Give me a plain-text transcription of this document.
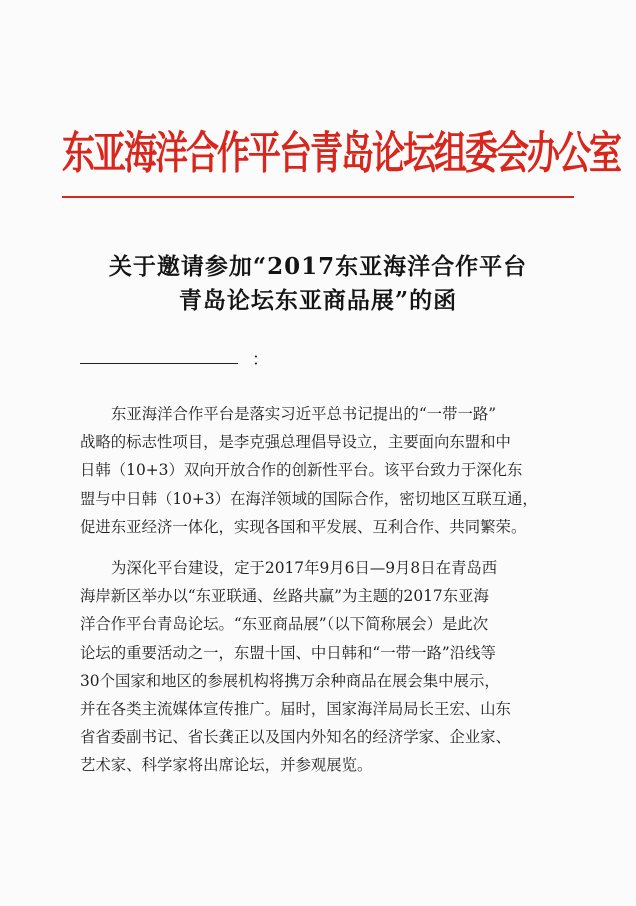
东亚海洋合作平台青岛论坛组委会办公室
关于邀请参加“2017东亚海洋合作平台
青岛论坛东亚商品展”的函
：
东亚海洋合作平台是落实习近平总书记提出的“一带一路”
战略的标志性项目，是李克强总理倡导设立，主要面向东盟和中
日韩（10+3）双向开放合作的创新性平台。该平台致力于深化东
盟与中日韩（10+3）在海洋领域的国际合作，密切地区互联互通，
促进东亚经济一体化，实现各国和平发展、互利合作、共同繁荣。
为深化平台建设，定于2017年9月6日—9月8日在青岛西
海岸新区举办以“东亚联通、丝路共赢”为主题的2017东亚海
洋合作平台青岛论坛。“东亚商品展”（以下简称展会）是此次
论坛的重要活动之一，东盟十国、中日韩和“一带一路”沿线等
30个国家和地区的参展机构将携万余种商品在展会集中展示，
并在各类主流媒体宣传推广。届时，国家海洋局局长王宏、山东
省省委副书记、省长龚正以及国内外知名的经济学家、企业家、
艺术家、科学家将出席论坛，并参观展览。
